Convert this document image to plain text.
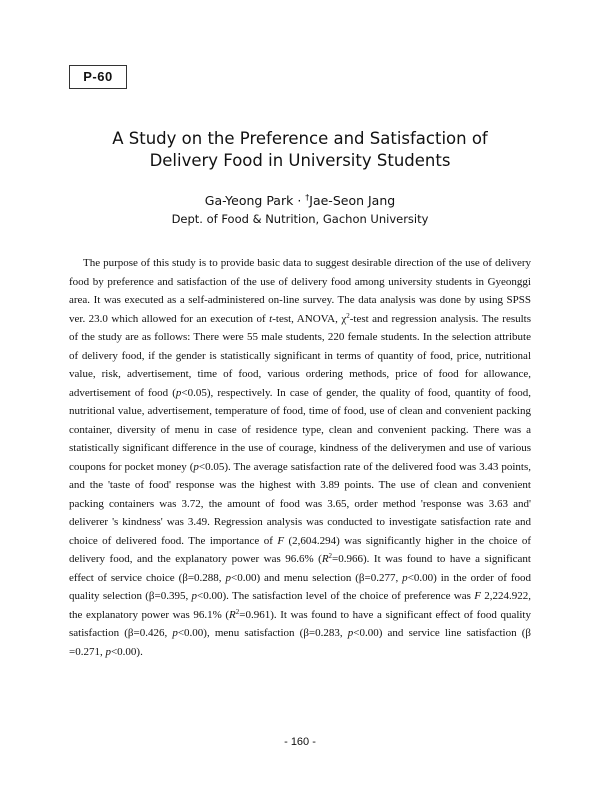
P-60
A Study on the Preference and Satisfaction of
Delivery Food in University Students
Ga-Yeong Park · †Jae-Seon Jang
Dept. of Food & Nutrition, Gachon University

The purpose of this study is to provide basic data to suggest desirable direction of the use of delivery food by preference and satisfaction of the use of delivery food among university students in Gyeonggi area. It was executed as a self-administered on-line survey. The data analysis was done by using SPSS ver. 23.0 which allowed for an execution of t-test, ANOVA, $\chi^2$-test and regression analysis. The results of the study are as follows: There were 55 male students, 220 female students. In the selection attribute of delivery food, if the gender is statistically significant in terms of quantity of food, price, nutritional value, risk, advertisement, time of food, various ordering methods, price of food for allowance, advertisement of food (p<0.05), respectively. In case of gender, the quality of food, quantity of food, nutritional value, advertisement, temperature of food, time of food, use of clean and convenient packing container, diversity of menu in case of residence type, clean and convenient packing. There was a statistically significant difference in the use of courage, kindness of the deliverymen and use of various coupons for pocket money (p<0.05). The average satisfaction rate of the delivered food was 3.43 points, and the 'taste of food' response was the highest with 3.89 points. The use of clean and convenient packing containers was 3.72, the amount of food was 3.65, order method 'response was 3.63 and' deliverer 's kindness' was 3.49. Regression analysis was conducted to investigate satisfaction rate and choice of delivered food. The importance of F (2,604.294) was significantly higher in the choice of delivery food, and the explanatory power was 96.6% $(R^2=0.966)$. It was found to have a significant effect of service choice (β=0.288, p<0.00) and menu selection (β=0.277, p<0.00) in the order of food quality selection (β=0.395, p<0.00). The satisfaction level of the choice of preference was F 2,224.922, the explanatory power was 96.1% $(R^2=0.961)$. It was found to have a significant effect of food quality satisfaction (β=0.426, p<0.00), menu satisfaction (β=0.283, p<0.00) and service line satisfaction (β =0.271, p<0.00).

- 160 -
